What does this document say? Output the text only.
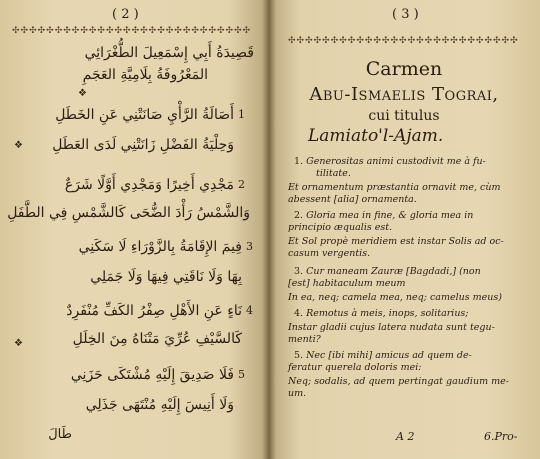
( 2 )
✣✣✣✣✣✣✣✣✣✣✣✣✣✣✣✣✣✣✣✣✣✣✣✣✣✣✣✣
قَصِيدَةُ أَبِي إِسْمَعِيلَ الطُّغْرَائِي
المَعْرُوفَةُ بِلَامِيَّةِ العَجَمِ
❖
1
أَصَالَةُ الرَّأْيِ صَانَتْنِي عَنِ الخَطَلِ
وَحِلْيَةُ الفَضْلِ زَانَتْنِي لَدَى العَطَلِ
❖
2
مَجْدِي أَخِيرًا وَمَجْدِي أَوَّلًا شَرَعٌ
وَالشَّمْسُ رَأْدَ الضُّحَى كَالشَّمْسِ فِي الطَّفَلِ
3
فِيمَ الإِقَامَةُ بِالزَّوْرَاءِ لَا سَكَنِي
بِهَا وَلَا نَاقَتِي فِيهَا وَلَا جَمَلِي
4
نَاءٍ عَنِ الأَهْلِ صِفْرُ الكَفِّ مُنْفَرِدٌ
كَالسَّيْفِ عُرِّيَ مَتْنَاهُ مِنَ الخِلَلِ
❖
5
فَلَا صَدِيقَ إِلَيْهِ مُشْتَكَى حَزَنِي
وَلَا أَنِيسَ إِلَيْهِ مُنْتَهَى جَذَلِي
طَالَ
( 3 )
✣✣✣✣✣✣✣✣✣✣✣✣✣✣✣✣✣✣✣✣✣✣✣✣✣✣✣
Carmen
Abu-Ismaelis Tograi,
cui titulus
Lamiato'l-Ajam.
1. Generositas animi custodivit me à fu-
tilitate.
Et ornamentum præstantia ornavit me, cùm
abessent [alia] ornamenta.
2. Gloria mea in fine, & gloria mea in
principio æqualis est.
Et Sol propè meridiem est instar Solis ad oc-
casum vergentis.
3. Cur maneam Zauræ [Bagdadi,] (non
[est] habitaculum meum
In ea, neq; camela mea, neq; camelus meus)
4. Remotus à meis, inops, solitarius;
Instar gladii cujus latera nudata sunt tegu-
menti?
5. Nec [ibi mihi] amicus ad quem de-
feratur querela doloris mei:
Neq; sodalis, ad quem pertingat gaudium me-
um.
A 2	6.Pro-
